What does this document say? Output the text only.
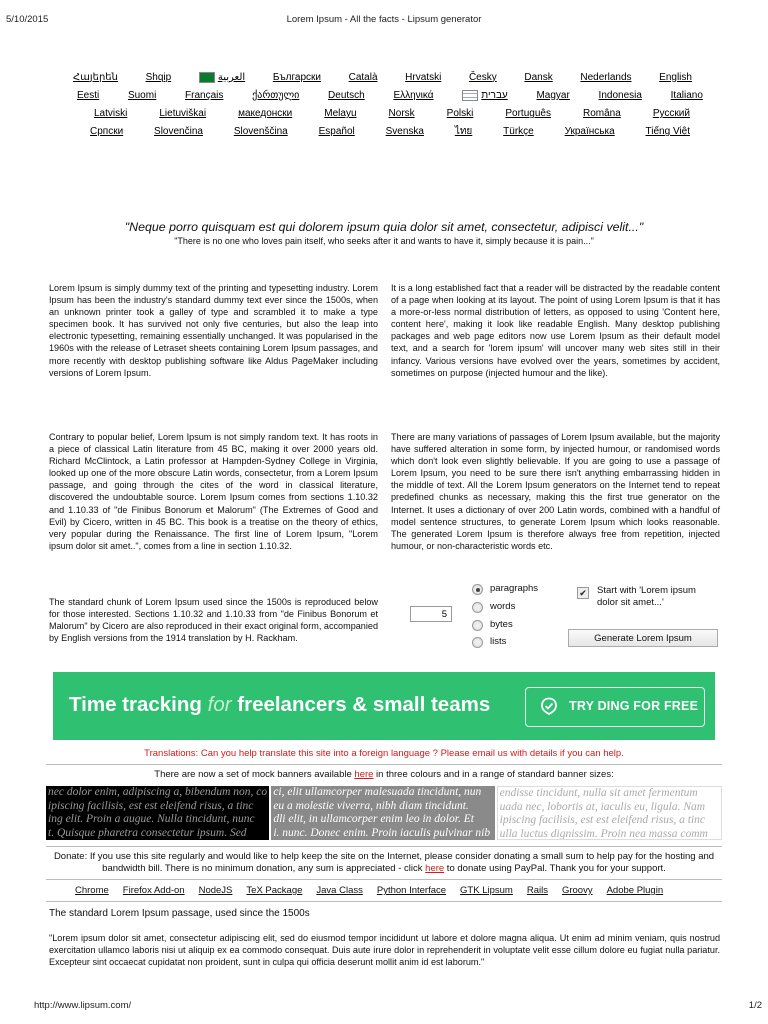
5/10/2015	Lorem Ipsum - All the facts - Lipsum generator
http://www.lipsum.com/	1/2
Հայերեն	Shqip	العربية	Български	Català	Hrvatski	Česky	Dansk	Nederlands	English
Eesti	Suomi	Français	ქართული	Deutsch	Ελληνικά	עברית	Magyar	Indonesia	Italiano
Latviski	Lietuviškai	македонски	Melayu	Norsk	Polski	Português	Româna	Pусский
Српски	Slovenčina	Slovenščina	Español	Svenska	ไทย	Türkçe	Українська	Tiếng Việt
"Neque porro quisquam est qui dolorem ipsum quia dolor sit amet, consectetur, adipisci velit..."
"There is no one who loves pain itself, who seeks after it and wants to have it, simply because it is pain..."

Lorem Ipsum is simply dummy text of the printing and typesetting industry. Lorem Ipsum has been the industry's standard dummy text ever since the 1500s, when an unknown printer took a galley of type and scrambled it to make a type specimen book. It has survived not only five centuries, but also the leap into electronic typesetting, remaining essentially unchanged. It was popularised in the 1960s with the release of Letraset sheets containing Lorem Ipsum passages, and more recently with desktop publishing software like Aldus PageMaker including versions of Lorem Ipsum.

It is a long established fact that a reader will be distracted by the readable content of a page when looking at its layout. The point of using Lorem Ipsum is that it has a more-or-less normal distribution of letters, as opposed to using 'Content here, content here', making it look like readable English. Many desktop publishing packages and web page editors now use Lorem Ipsum as their default model text, and a search for 'lorem ipsum' will uncover many web sites still in their infancy. Various versions have evolved over the years, sometimes by accident, sometimes on purpose (injected humour and the like).

Contrary to popular belief, Lorem Ipsum is not simply random text. It has roots in a piece of classical Latin literature from 45 BC, making it over 2000 years old. Richard McClintock, a Latin professor at Hampden-Sydney College in Virginia, looked up one of the more obscure Latin words, consectetur, from a Lorem Ipsum passage, and going through the cites of the word in classical literature, discovered the undoubtable source. Lorem Ipsum comes from sections 1.10.32 and 1.10.33 of "de Finibus Bonorum et Malorum" (The Extremes of Good and Evil) by Cicero, written in 45 BC. This book is a treatise on the theory of ethics, very popular during the Renaissance. The first line of Lorem Ipsum, "Lorem ipsum dolor sit amet..", comes from a line in section 1.10.32.

The standard chunk of Lorem Ipsum used since the 1500s is reproduced below for those interested. Sections 1.10.32 and 1.10.33 from "de Finibus Bonorum et Malorum" by Cicero are also reproduced in their exact original form, accompanied by English versions from the 1914 translation by H. Rackham.

There are many variations of passages of Lorem Ipsum available, but the majority have suffered alteration in some form, by injected humour, or randomised words which don't look even slightly believable. If you are going to use a passage of Lorem Ipsum, you need to be sure there isn't anything embarrassing hidden in the middle of text. All the Lorem Ipsum generators on the Internet tend to repeat predefined chunks as necessary, making this the first true generator on the Internet. It uses a dictionary of over 200 Latin words, combined with a handful of model sentence structures, to generate Lorem Ipsum which looks reasonable. The generated Lorem Ipsum is therefore always free from repetition, injected humour, or non-characteristic words etc.

5
paragraphs
words
bytes
lists
✔ Start with 'Lorem ipsum dolor sit amet...'
Generate Lorem Ipsum
Time tracking for freelancers & small teams	TRY DING FOR FREE
Translations: Can you help translate this site into a foreign language ? Please email us with details if you can help.
There are now a set of mock banners available here in three colours and in a range of standard banner sizes:
nec dolor enim, adipiscing a, bibendum non, co
ipiscing facilisis, est est eleifend risus, a tinc
ing elit. Proin a augue. Nulla tincidunt, nunc
t. Quisque pharetra consectetur ipsum. Sed
ci, elit ullamcorper malesuada tincidunt, nun
eu a molestie viverra, nibh diam tincidunt.
dli elit, in ullamcorper enim leo in dolor. Et
i. nunc. Donec enim. Proin iaculis pulvinar nib
endisse tincidunt, nulla sit amet fermentum
uada nec, lobortis at, iaculis eu, ligula. Nam
ipiscing facilisis, est est eleifend risus, a tinc
ulla luctus dignissim. Proin nea massa comm
Donate: If you use this site regularly and would like to help keep the site on the Internet, please consider donating a small sum to help pay for the hosting and bandwidth bill. There is no minimum donation, any sum is appreciated - click here to donate using PayPal. Thank you for your support.
Chrome Firefox Add-on NodeJS TeX Package Java Class Python Interface GTK Lipsum Rails Groovy Adobe Plugin
The standard Lorem Ipsum passage, used since the 1500s

"Lorem ipsum dolor sit amet, consectetur adipiscing elit, sed do eiusmod tempor incididunt ut labore et dolore magna aliqua. Ut enim ad minim veniam, quis nostrud exercitation ullamco laboris nisi ut aliquip ex ea commodo consequat. Duis aute irure dolor in reprehenderit in voluptate velit esse cillum dolore eu fugiat nulla pariatur. Excepteur sint occaecat cupidatat non proident, sunt in culpa qui officia deserunt mollit anim id est laborum."
